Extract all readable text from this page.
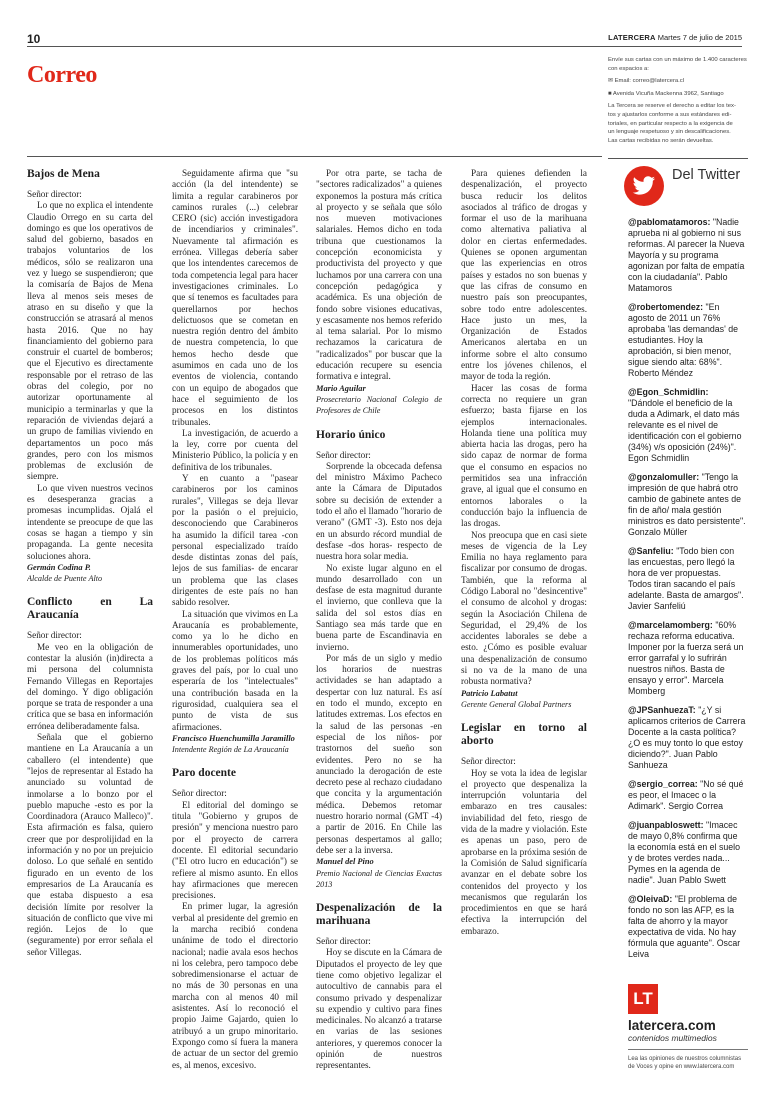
10	LATERCERA Martes 7 de julio de 2015
Correo

Envíe sus cartas con un máximo de 1.400 caracteres con espacios a:

✉ Email: correo@latercera.cl

■ Avenida Vicuña Mackenna 3962, Santiago

La Tercera se reserve el derecho a editar los tex-
tos y ajustarlos conforme a sus estándares edi-
toriales, en particular respecto a la exigencia de
un lenguaje respetuoso y sin descalificaciones.
Las cartas recibidas no serán devueltas.
Bajos de Mena

Señor director:

Lo que no explica el intendente Claudio Orrego en su carta del domingo es que los operativos de salud del gobierno, basados en trabajos voluntarios de los médicos, sólo se realizaron una vez y luego se suspendieron; que la comisaría de Bajos de Mena lleva al menos seis meses de atraso en su diseño y que la construcción se atrasará al menos hasta 2016. Que no hay financiamiento del gobierno para construir el cuartel de bomberos; que el Ejecutivo es directamente responsable por el retraso de las obras del colegio, por no autorizar oportunamente al municipio a terminarlas y que la reparación de viviendas dejará a un grupo de familias viviendo en departamentos un poco más grandes, pero con los mismos problemas de exclusión de siempre.

Lo que viven nuestros vecinos es desesperanza gracias a promesas incumplidas. Ojalá el intendente se preocupe de que las cosas se hagan a tiempo y sin propaganda. La gente necesita soluciones ahora.

Germán Codina P.

Alcalde de Puente Alto

Conflicto en La Araucanía

Señor director:

Me veo en la obligación de contestar la alusión (in)directa a mi persona del columnista Fernando Villegas en Reportajes del domingo. Y digo obligación porque se trata de responder a una crítica que se basa en información errónea deliberadamente falsa.

Señala que el gobierno mantiene en La Araucanía a un caballero (el intendente) que "lejos de representar al Estado ha anunciado su voluntad de inmolarse a lo bonzo por el pueblo mapuche -esto es por la Coordinadora (Arauco Malleco)". Esta afirmación es falsa, quiero creer que por desprolijidad en la información y no por un prejuicio doloso. Lo que señalé en sentido figurado en un evento de los empresarios de La Araucanía es que estaba dispuesto a esa decisión límite por resolver la situación de conflicto que vive mi región. Lejos de lo que (seguramente) por error señala el señor Villegas.

Seguidamente afirma que "su acción (la del intendente) se limita a regular carabineros por caminos rurales (...) celebrar CERO (sic) acción investigadora de incendiarios y criminales". Nuevamente tal afirmación es errónea. Villegas debería saber que los intendentes carecemos de toda competencia legal para hacer investigaciones criminales. Lo que sí tenemos es facultades para querellarnos por hechos delictuosos que se cometan en nuestra región dentro del ámbito de nuestra competencia, lo que hemos hecho desde que asumimos en cada uno de los eventos de violencia, contando con un equipo de abogados que hace el seguimiento de los procesos en los distintos tribunales.

La investigación, de acuerdo a la ley, corre por cuenta del Ministerio Público, la policía y en definitiva de los tribunales.

Y en cuanto a "pasear carabineros por los caminos rurales", Villegas se deja llevar por la pasión o el prejuicio, desconociendo que Carabineros ha asumido la difícil tarea -con personal especializado traído desde distintas zonas del país, lejos de sus familias- de encarar un problema que las clases dirigentes de este país no han sabido resolver.

La situación que vivimos en La Araucanía es probablemente, como ya lo he dicho en innumerables oportunidades, uno de los problemas políticos más graves del país, por lo cual uno esperaría de los "intelectuales" una contribución basada en la rigurosidad, cualquiera sea el punto de vista de sus afirmaciones.

Francisco Huenchumilla Jaramillo

Intendente Región de La Araucanía

Paro docente

Señor director:

El editorial del domingo se titula "Gobierno y grupos de presión" y menciona nuestro paro por el proyecto de carrera docente. El editorial secundario ("El otro lucro en educación") se refiere al mismo asunto. En ellos hay afirmaciones que merecen precisiones.

En primer lugar, la agresión verbal al presidente del gremio en la marcha recibió condena unánime de todo el directorio nacional; nadie avala esos hechos ni los celebra, pero tampoco debe sobredimensionarse el actuar de no más de 30 personas en una marcha con al menos 40 mil asistentes. Así lo reconoció el propio Jaime Gajardo, quien lo atribuyó a un grupo minoritario. Expongo como sí fuera la manera de actuar de un sector del gremio es, al menos, excesivo.

Por otra parte, se tacha de "sectores radicalizados" a quienes exponemos la postura más crítica al proyecto y se señala que sólo nos mueven motivaciones salariales. Hemos dicho en toda tribuna que cuestionamos la concepción economicista y productivista del proyecto y que luchamos por una carrera con una concepción pedagógica y académica. Es una objeción de fondo sobre visiones educativas, y escasamente nos hemos referido al tema salarial. Por lo mismo rechazamos la caricatura de "radicalizados" por buscar que la educación recupere su esencia formativa e integral.

Mario Aguilar

Prosecretario Nacional Colegio de Profesores de Chile

Horario único

Señor director:

Sorprende la obcecada defensa del ministro Máximo Pacheco ante la Cámara de Diputados sobre su decisión de extender a todo el año el llamado "horario de verano" (GMT -3). Esto nos deja en un absurdo récord mundial de desfase -dos horas- respecto de nuestra hora solar media.

No existe lugar alguno en el mundo desarrollado con un desfase de esta magnitud durante el invierno, que conlleva que la salida del sol estos días en Santiago sea más tarde que en buena parte de Escandinavia en invierno.

Por más de un siglo y medio los horarios de nuestras actividades se han adaptado a despertar con luz natural. Es así en todo el mundo, excepto en latitudes extremas. Los efectos en la salud de las personas -en especial de los niños- por trastornos del sueño son evidentes. Pero no se ha anunciado la derogación de este decreto pese al rechazo ciudadano que concita y la argumentación médica. Debemos retomar nuestro horario normal (GMT -4) a partir de 2016. En Chile las personas despertamos al gallo; debe ser a la inversa.

Manuel del Pino

Premio Nacional de Ciencias Exactas 2013

Despenalización de la marihuana

Señor director:

Hoy se discute en la Cámara de Diputados el proyecto de ley que tiene como objetivo legalizar el autocultivo de cannabis para el consumo privado y despenalizar su expendio y cultivo para fines medicinales. No alcanzó a tratarse en varias de las sesiones anteriores, y queremos conocer la opinión de nuestros representantes.

Para quienes defienden la despenalización, el proyecto busca reducir los delitos asociados al tráfico de drogas y formar el uso de la marihuana como alternativa paliativa al dolor en ciertas enfermedades. Quienes se oponen argumentan que las experiencias en otros países y estados no son buenas y que las cifras de consumo en nuestro país son preocupantes, sobre todo entre adolescentes. Hace justo un mes, la Organización de Estados Americanos alertaba en un informe sobre el alto consumo entre los jóvenes chilenos, el mayor de toda la región.

Hacer las cosas de forma correcta no requiere un gran esfuerzo; basta fijarse en los ejemplos internacionales. Holanda tiene una política muy abierta hacia las drogas, pero ha sido capaz de normar de forma que el consumo en espacios no permitidos sea una infracción grave, al igual que el consumo en entornos laborales o la conducción bajo la influencia de las drogas.

Nos preocupa que en casi siete meses de vigencia de la Ley Emilia no haya reglamento para fiscalizar por consumo de drogas. También, que la reforma al Código Laboral no "desincentive" el consumo de alcohol y drogas: según la Asociación Chilena de Seguridad, el 29,4% de los accidentes laborales se debe a esto. ¿Cómo es posible evaluar una despenalización de consumo si no va de la mano de una robusta normativa?

Patricio Labatut

Gerente General Global Partners

Legislar en torno al aborto

Señor director:

Hoy se vota la idea de legislar el proyecto que despenaliza la interrupción voluntaria del embarazo en tres causales: inviabilidad del feto, riesgo de vida de la madre y violación. Este es apenas un paso, pero de aprobarse en la próxima sesión de la Comisión de Salud significaría avanzar en el debate sobre los contenidos del proyecto y los mecanismos que regularán los procedimientos en que se hará efectiva la interrupción del embarazo.

Del Twitter
@pablomatamoros: "Nadie aprueba ni al gobierno ni sus reformas. Al parecer la Nueva Mayoría y su programa agonizan por falta de empatía con la ciudadanía". Pablo Matamoros
@robertomendez: "En agosto de 2011 un 76% aprobaba 'las demandas' de estudiantes. Hoy la aprobación, si bien menor, sigue siendo alta: 68%". Roberto Méndez
@Egon_Schmidlin: "Dándole el beneficio de la duda a Adimark, el dato más relevante es el nivel de identificación con el gobierno (34%) v/s oposición (24%)". Egon Schmidlin
@gonzalomuller: "Tengo la impresión de que habrá otro cambio de gabinete antes de fin de año/ mala gestión ministros es dato persistente". Gonzalo Müller
@Sanfeliu: "Todo bien con las encuestas, pero llegó la hora de ver propuestas. Todos tiran sacando el país adelante. Basta de amargos". Javier Sanfeliú
@marcelamomberg: "60% rechaza reforma educativa. Imponer por la fuerza será un error garrafal y lo sufrirán nuestros niños. Basta de ensayo y error". Marcela Momberg
@JPSanhuezaT: "¿Y si aplicamos criterios de Carrera Docente a la casta política? ¿O es muy tonto lo que estoy diciendo?". Juan Pablo Sanhueza
@sergio_correa: "No sé qué es peor, el Imacec o la Adimark". Sergio Correa
@juanpabloswett: "Imacec de mayo 0,8% confirma que la economía está en el suelo y de brotes verdes nada... Pymes en la agenda de nadie". Juan Pablo Swett
@OleivaD: "El problema de fondo no son las AFP, es la falta de ahorro y la mayor expectativa de vida. No hay fórmula que aguante". Oscar Leiva
LT
latercera.com
contenidos multimedios
Lea las opiniones de nuestros columnistas de Voces y opine en www.latercera.com
